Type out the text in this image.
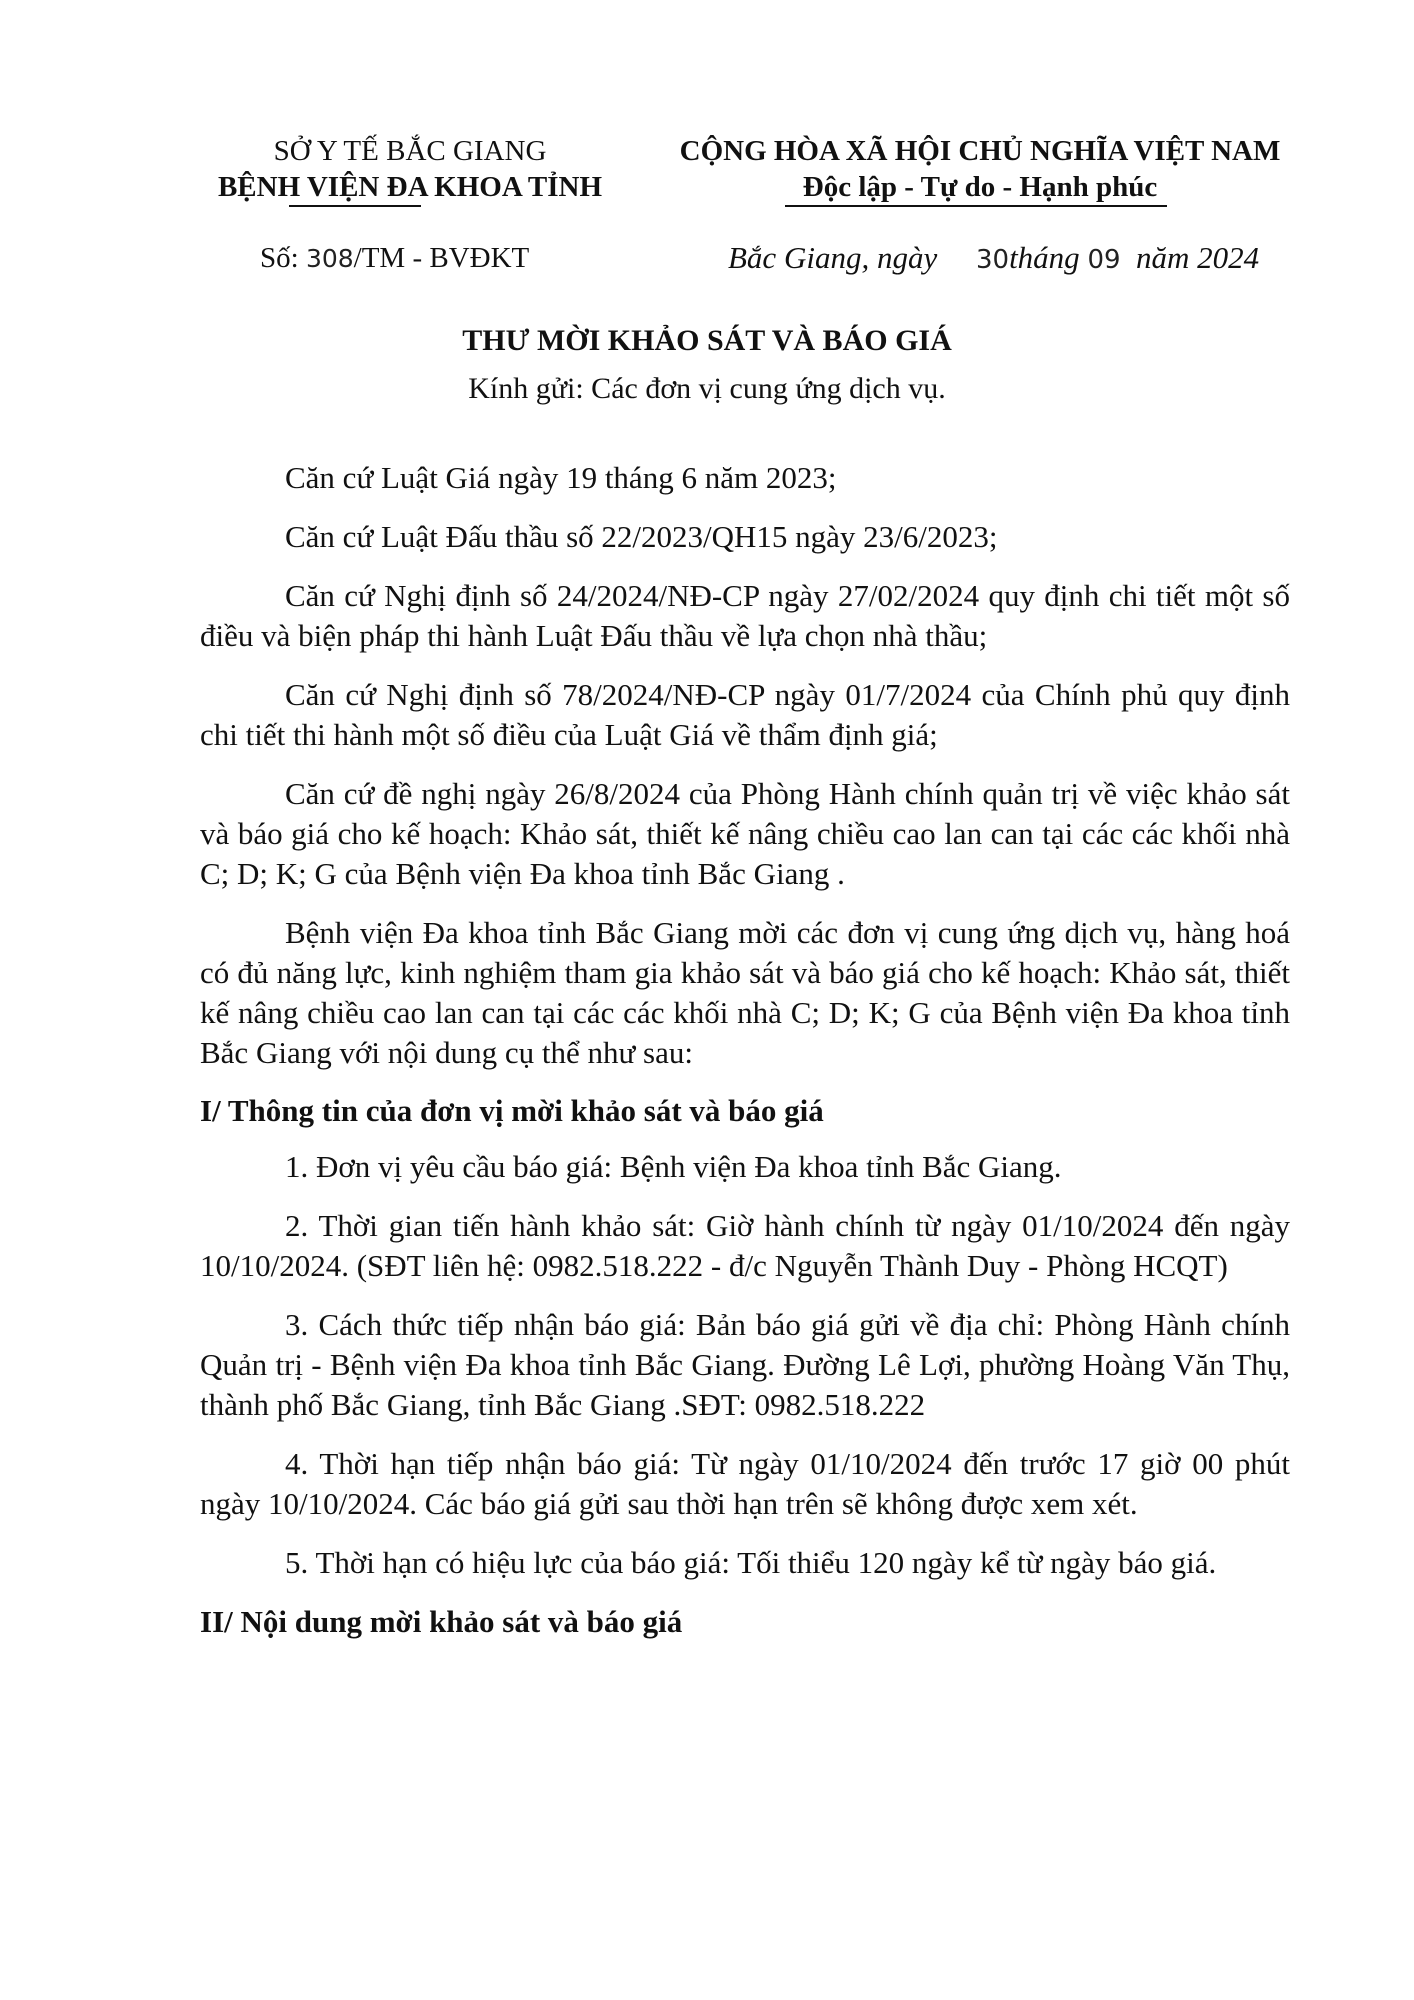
SỞ Y TẾ BẮC GIANG
BỆNH VIỆN ĐA KHOA TỈNH
CỘNG HÒA XÃ HỘI CHỦ NGHĨA VIỆT NAM
Độc lập - Tự do - Hạnh phúc
Số: 308/TM - BVĐKT	Bắc Giang, ngày 30tháng 09 năm 2024
THƯ MỜI KHẢO SÁT VÀ BÁO GIÁ
Kính gửi: Các đơn vị cung ứng dịch vụ.

Căn cứ Luật Giá ngày 19 tháng 6 năm 2023;

Căn cứ Luật Đấu thầu số 22/2023/QH15 ngày 23/6/2023;

Căn cứ Nghị định số 24/2024/NĐ-CP ngày 27/02/2024 quy định chi tiết một số điều và biện pháp thi hành Luật Đấu thầu về lựa chọn nhà thầu;

Căn cứ Nghị định số 78/2024/NĐ-CP ngày 01/7/2024 của Chính phủ quy định chi tiết thi hành một số điều của Luật Giá về thẩm định giá;

Căn cứ đề nghị ngày 26/8/2024 của Phòng Hành chính quản trị về việc khảo sát và báo giá cho kế hoạch: Khảo sát, thiết kế nâng chiều cao lan can tại các các khối nhà C; D; K; G của Bệnh viện Đa khoa tỉnh Bắc Giang .

Bệnh viện Đa khoa tỉnh Bắc Giang mời các đơn vị cung ứng dịch vụ, hàng hoá có đủ năng lực, kinh nghiệm tham gia khảo sát và báo giá cho kế hoạch: Khảo sát, thiết kế nâng chiều cao lan can tại các các khối nhà C; D; K; G của Bệnh viện Đa khoa tỉnh Bắc Giang với nội dung cụ thể như sau:

I/ Thông tin của đơn vị mời khảo sát và báo giá

1. Đơn vị yêu cầu báo giá: Bệnh viện Đa khoa tỉnh Bắc Giang.

2. Thời gian tiến hành khảo sát: Giờ hành chính từ ngày 01/10/2024 đến ngày 10/10/2024. (SĐT liên hệ: 0982.518.222 - đ/c Nguyễn Thành Duy - Phòng HCQT)

3. Cách thức tiếp nhận báo giá: Bản báo giá gửi về địa chỉ: Phòng Hành chính Quản trị - Bệnh viện Đa khoa tỉnh Bắc Giang. Đường Lê Lợi, phường Hoàng Văn Thụ, thành phố Bắc Giang, tỉnh Bắc Giang .SĐT: 0982.518.222

4. Thời hạn tiếp nhận báo giá: Từ ngày 01/10/2024 đến trước 17 giờ 00 phút ngày 10/10/2024. Các báo giá gửi sau thời hạn trên sẽ không được xem xét.

5. Thời hạn có hiệu lực của báo giá: Tối thiểu 120 ngày kể từ ngày báo giá.

II/ Nội dung mời khảo sát và báo giá
